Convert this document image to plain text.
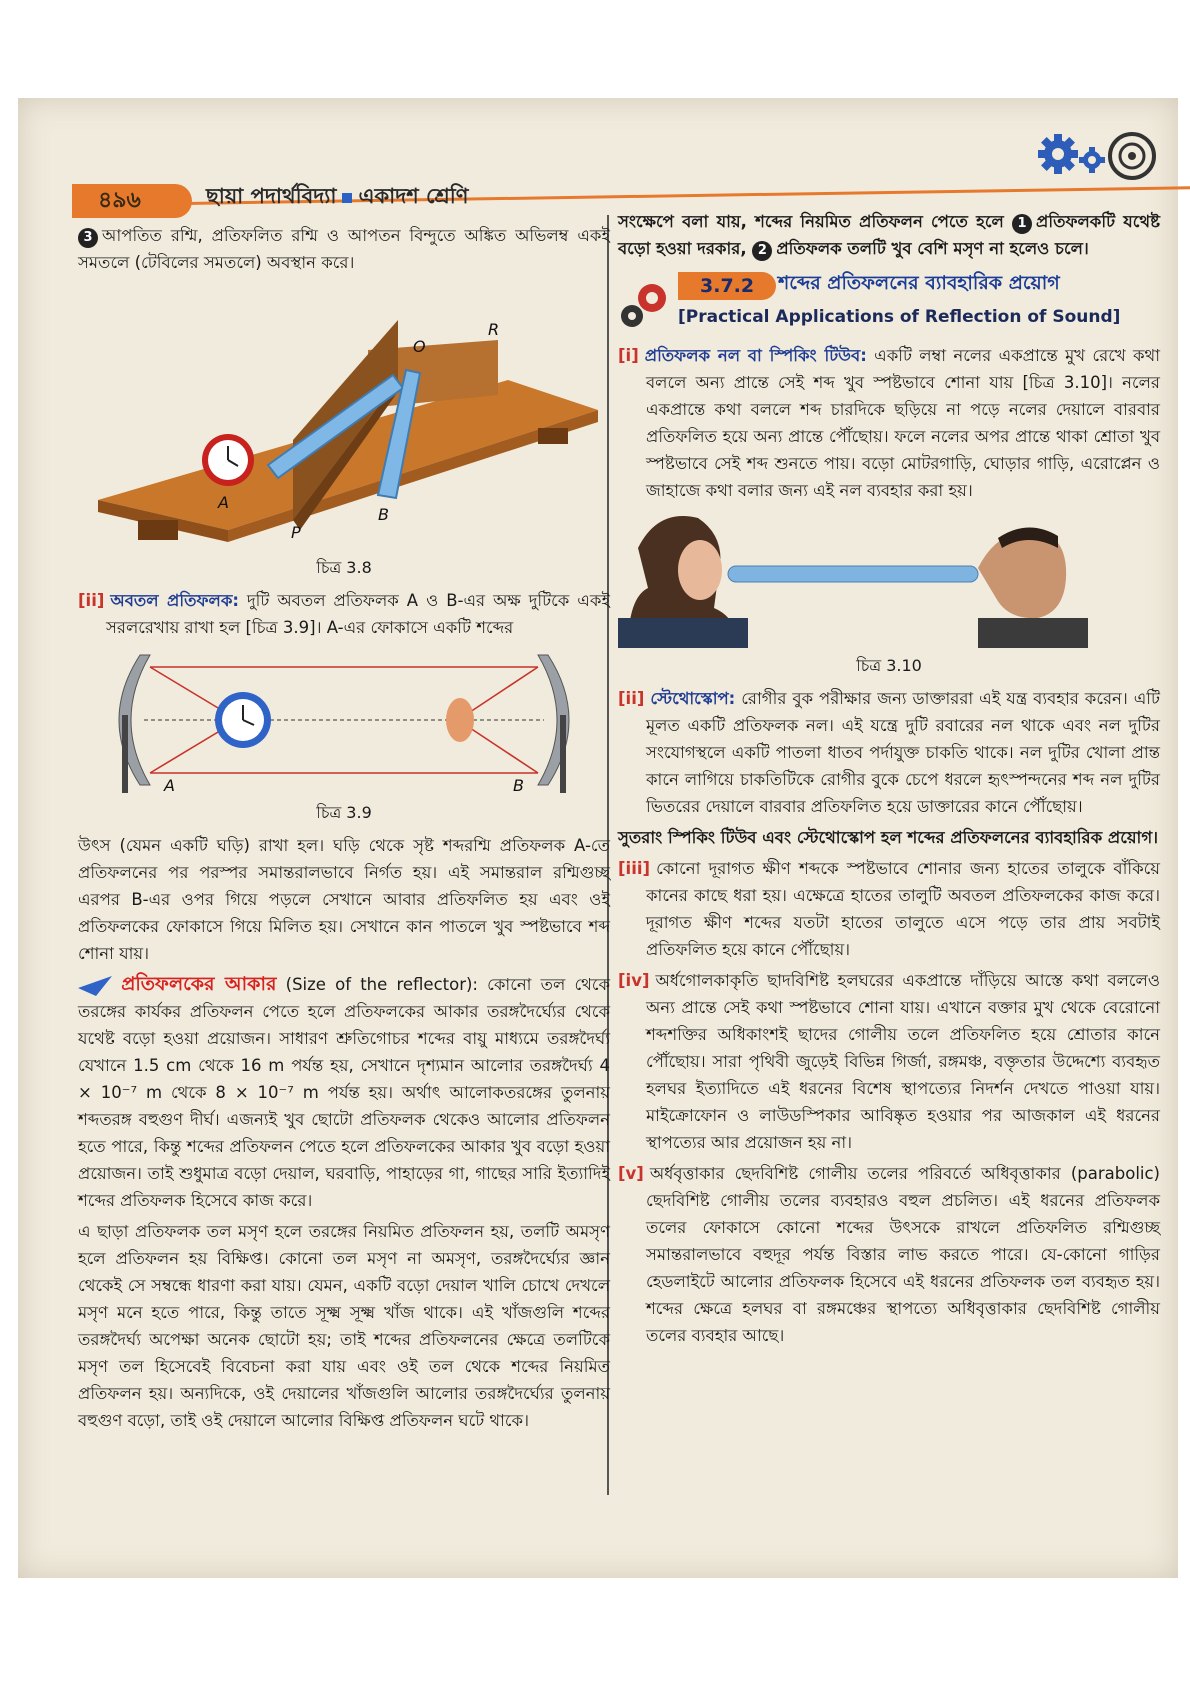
৪৯৬	ছায়া পদার্থবিদ্যা একাদশ শ্রেণি

3 আপতিত রশ্মি, প্রতিফলিত রশ্মি ও আপতন বিন্দুতে অঙ্কিত অভিলম্ব একই সমতলে (টেবিলের সমতলে) অবস্থান করে।

R
O
A
P
B
চিত্র 3.8

[ii] অবতল প্রতিফলক: দুটি অবতল প্রতিফলক A ও B-এর অক্ষ দুটিকে একই সরলরেখায় রাখা হল [চিত্র 3.9]। A-এর ফোকাসে একটি শব্দের

A	B
চিত্র 3.9

উৎস (যেমন একটি ঘড়ি) রাখা হল। ঘড়ি থেকে সৃষ্ট শব্দরশ্মি প্রতিফলক A-তে প্রতিফলনের পর পরস্পর সমান্তরালভাবে নির্গত হয়। এই সমান্তরাল রশ্মিগুচ্ছ এরপর B-এর ওপর গিয়ে পড়লে সেখানে আবার প্রতিফলিত হয় এবং ওই প্রতিফলকের ফোকাসে গিয়ে মিলিত হয়। সেখানে কান পাতলে খুব স্পষ্টভাবে শব্দ শোনা যায়।

প্রতিফলকের আকার (Size of the reflector): কোনো তল থেকে তরঙ্গের কার্যকর প্রতিফলন পেতে হলে প্রতিফলকের আকার তরঙ্গদৈর্ঘ্যের থেকে যথেষ্ট বড়ো হওয়া প্রয়োজন। সাধারণ শ্রুতিগোচর শব্দের বায়ু মাধ্যমে তরঙ্গদৈর্ঘ্য যেখানে 1.5 cm থেকে 16 m পর্যন্ত হয়, সেখানে দৃশ্যমান আলোর তরঙ্গদৈর্ঘ্য 4 × 10⁻⁷ m থেকে 8 × 10⁻⁷ m পর্যন্ত হয়। অর্থাৎ আলোকতরঙ্গের তুলনায় শব্দতরঙ্গ বহুগুণ দীর্ঘ। এজন্যই খুব ছোটো প্রতিফলক থেকেও আলোর প্রতিফলন হতে পারে, কিন্তু শব্দের প্রতিফলন পেতে হলে প্রতিফলকের আকার খুব বড়ো হওয়া প্রয়োজন। তাই শুধুমাত্র বড়ো দেয়াল, ঘরবাড়ি, পাহাড়ের গা, গাছের সারি ইত্যাদিই শব্দের প্রতিফলক হিসেবে কাজ করে।

এ ছাড়া প্রতিফলক তল মসৃণ হলে তরঙ্গের নিয়মিত প্রতিফলন হয়, তলটি অমসৃণ হলে প্রতিফলন হয় বিক্ষিপ্ত। কোনো তল মসৃণ না অমসৃণ, তরঙ্গদৈর্ঘ্যের জ্ঞান থেকেই সে সম্বন্ধে ধারণা করা যায়। যেমন, একটি বড়ো দেয়াল খালি চোখে দেখলে মসৃণ মনে হতে পারে, কিন্তু তাতে সূক্ষ্ম সূক্ষ্ম খাঁজ থাকে। এই খাঁজগুলি শব্দের তরঙ্গদৈর্ঘ্য অপেক্ষা অনেক ছোটো হয়; তাই শব্দের প্রতিফলনের ক্ষেত্রে তলটিকে মসৃণ তল হিসেবেই বিবেচনা করা যায় এবং ওই তল থেকে শব্দের নিয়মিত প্রতিফলন হয়। অন্যদিকে, ওই দেয়ালের খাঁজগুলি আলোর তরঙ্গদৈর্ঘ্যের তুলনায় বহুগুণ বড়ো, তাই ওই দেয়ালে আলোর বিক্ষিপ্ত প্রতিফলন ঘটে থাকে।

সংক্ষেপে বলা যায়, শব্দের নিয়মিত প্রতিফলন পেতে হলে 1 প্রতিফলকটি যথেষ্ট বড়ো হওয়া দরকার, 2 প্রতিফলক তলটি খুব বেশি মসৃণ না হলেও চলে।

3.7.2	শব্দের প্রতিফলনের ব্যাবহারিক প্রয়োগ
[Practical Applications of Reflection of Sound]

[i] প্রতিফলক নল বা স্পিকিং টিউব: একটি লম্বা নলের একপ্রান্তে মুখ রেখে কথা বললে অন্য প্রান্তে সেই শব্দ খুব স্পষ্টভাবে শোনা যায় [চিত্র 3.10]। নলের একপ্রান্তে কথা বললে শব্দ চারদিকে ছড়িয়ে না পড়ে নলের দেয়ালে বারবার প্রতিফলিত হয়ে অন্য প্রান্তে পৌঁছোয়। ফলে নলের অপর প্রান্তে থাকা শ্রোতা খুব স্পষ্টভাবে সেই শব্দ শুনতে পায়। বড়ো মোটরগাড়ি, ঘোড়ার গাড়ি, এরোপ্লেন ও জাহাজে কথা বলার জন্য এই নল ব্যবহার করা হয়।

চিত্র 3.10

[ii] স্টেথোস্কোপ: রোগীর বুক পরীক্ষার জন্য ডাক্তাররা এই যন্ত্র ব্যবহার করেন। এটি মূলত একটি প্রতিফলক নল। এই যন্ত্রে দুটি রবারের নল থাকে এবং নল দুটির সংযোগস্থলে একটি পাতলা ধাতব পর্দাযুক্ত চাকতি থাকে। নল দুটির খোলা প্রান্ত কানে লাগিয়ে চাকতিটিকে রোগীর বুকে চেপে ধরলে হৃৎস্পন্দনের শব্দ নল দুটির ভিতরের দেয়ালে বারবার প্রতিফলিত হয়ে ডাক্তারের কানে পৌঁছোয়।

সুতরাং স্পিকিং টিউব এবং স্টেথোস্কোপ হল শব্দের প্রতিফলনের ব্যাবহারিক প্রয়োগ।

[iii] কোনো দূরাগত ক্ষীণ শব্দকে স্পষ্টভাবে শোনার জন্য হাতের তালুকে বাঁকিয়ে কানের কাছে ধরা হয়। এক্ষেত্রে হাতের তালুটি অবতল প্রতিফলকের কাজ করে। দূরাগত ক্ষীণ শব্দের যতটা হাতের তালুতে এসে পড়ে তার প্রায় সবটাই প্রতিফলিত হয়ে কানে পৌঁছোয়।

[iv] অর্ধগোলকাকৃতি ছাদবিশিষ্ট হলঘরের একপ্রান্তে দাঁড়িয়ে আস্তে কথা বললেও অন্য প্রান্তে সেই কথা স্পষ্টভাবে শোনা যায়। এখানে বক্তার মুখ থেকে বেরোনো শব্দশক্তির অধিকাংশই ছাদের গোলীয় তলে প্রতিফলিত হয়ে শ্রোতার কানে পৌঁছোয়। সারা পৃথিবী জুড়েই বিভিন্ন গির্জা, রঙ্গমঞ্চ, বক্তৃতার উদ্দেশ্যে ব্যবহৃত হলঘর ইত্যাদিতে এই ধরনের বিশেষ স্থাপত্যের নিদর্শন দেখতে পাওয়া যায়। মাইক্রোফোন ও লাউডস্পিকার আবিষ্কৃত হওয়ার পর আজকাল এই ধরনের স্থাপত্যের আর প্রয়োজন হয় না।

[v] অর্ধবৃত্তাকার ছেদবিশিষ্ট গোলীয় তলের পরিবর্তে অধিবৃত্তাকার (parabolic) ছেদবিশিষ্ট গোলীয় তলের ব্যবহারও বহুল প্রচলিত। এই ধরনের প্রতিফলক তলের ফোকাসে কোনো শব্দের উৎসকে রাখলে প্রতিফলিত রশ্মিগুচ্ছ সমান্তরালভাবে বহুদূর পর্যন্ত বিস্তার লাভ করতে পারে। যে-কোনো গাড়ির হেডলাইটে আলোর প্রতিফলক হিসেবে এই ধরনের প্রতিফলক তল ব্যবহৃত হয়। শব্দের ক্ষেত্রে হলঘর বা রঙ্গমঞ্চের স্থাপত্যে অধিবৃত্তাকার ছেদবিশিষ্ট গোলীয় তলের ব্যবহার আছে।
